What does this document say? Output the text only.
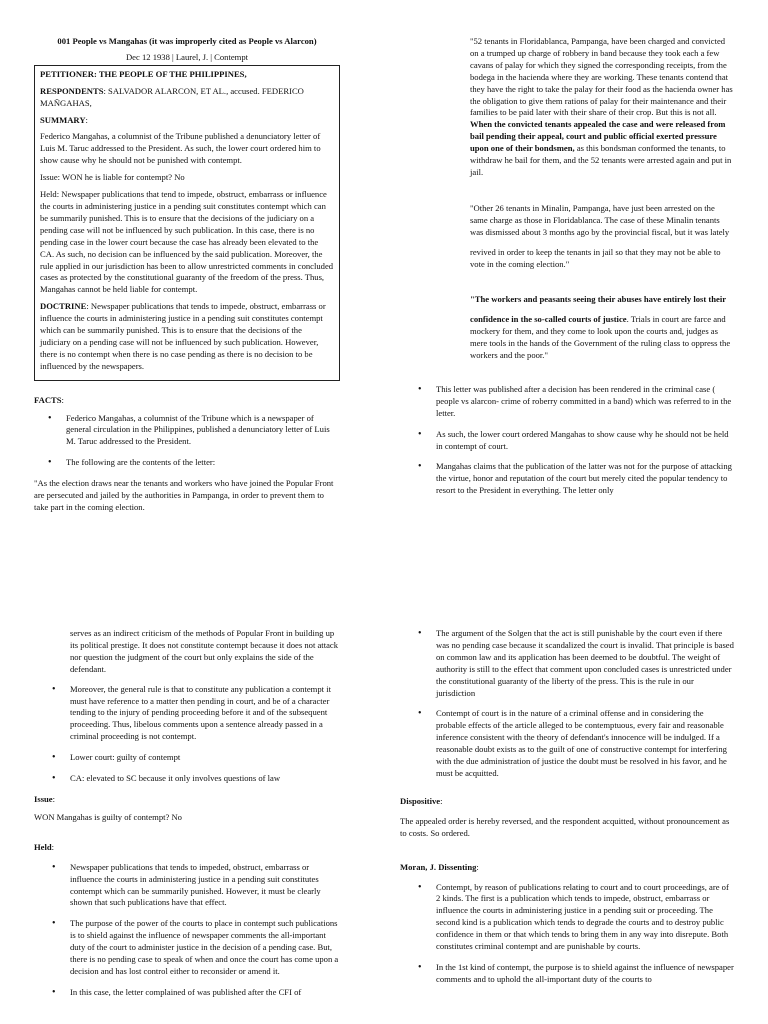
001 People vs Mangahas (it was improperly cited as People vs Alarcon)
Dec 12 1938 | Laurel, J. | Contempt

PETITIONER: THE PEOPLE OF THE PHILIPPINES,

RESPONDENTS: SALVADOR ALARCON, ET AL., accused. FEDERICO MAÑGAHAS,

SUMMARY:

Federico Mangahas, a columnist of the Tribune published a denunciatory letter of Luis M. Taruc addressed to the President. As such, the lower court ordered him to show cause why he should not be punished with contempt.

Issue: WON he is liable for contempt? No

Held: Newspaper publications that tend to impede, obstruct, embarrass or influence the courts in administering justice in a pending suit constitutes contempt which can be summarily punished. This is to ensure that the decisions of the judiciary on a pending case will not be influenced by such publication. In this case, there is no pending case in the lower court because the case has already been elevated to the CA. As such, no decision can be influenced by the said publication. Moreover, the rule applied in our jurisdiction has been to allow unrestricted comments in concluded cases as protected by the constitutional guaranty of the freedom of the press. Thus, Mangahas cannot be held liable for contempt.

DOCTRINE: Newspaper publications that tends to impede, obstruct, embarrass or influence the courts in administering justice in a pending suit constitutes contempt which can be summarily punished. This is to ensure that the decisions of the judiciary on a pending case will not be influenced by such publication. However, there is no contempt when there is no case pending as there is no decision to be influenced by the newspapers.

FACTS:
• Federico Mangahas, a columnist of the Tribune which is a newspaper of general circulation in the Philippines, published a denunciatory letter of Luis M. Taruc addressed to the President.
• The following are the contents of the letter:

"As the election draws near the tenants and workers who have joined the Popular Front are persecuted and jailed by the authorities in Pampanga, in order to prevent them to take part in the coming election.

"52 tenants in Floridablanca, Pampanga, have been charged and convicted on a trumped up charge of robbery in band because they took each a few cavans of palay for which they signed the corresponding receipts, from the bodega in the hacienda where they are working. These tenants contend that they have the right to take the palay for their food as the hacienda owner has the obligation to give them rations of palay for their maintenance and their families to be paid later with their share of their crop. But this is not all. When the convicted tenants appealed the case and were released from bail pending their appeal, court and public official exerted pressure upon one of their bondsmen, as this bondsman conformed the tenants, to withdraw he bail for them, and the 52 tenants were arrested again and put in jail.

"Other 26 tenants in Minalin, Pampanga, have just been arrested on the same charge as those in Floridablanca. The case of these Minalin tenants was dismissed about 3 months ago by the provincial fiscal, but it was lately

revived in order to keep the tenants in jail so that they may not be able to vote in the coming election."

"The workers and peasants seeing their abuses have entirely lost their

confidence in the so-called courts of justice. Trials in court are farce and mockery for them, and they come to look upon the courts and, judges as mere tools in the hands of the Government of the ruling class to oppress the workers and the poor."

• This letter was published after a decision has been rendered in the criminal case ( people vs alarcon- crime of roberry committed in a band) which was referred to in the letter.
• As such, the lower court ordered Mangahas to show cause why he should not be held in contempt of court.
• Mangahas claims that the publication of the latter was not for the purpose of attacking the virtue, honor and reputation of the court but merely cited the popular tendency to resort to the President in everything. The letter only

serves as an indirect criticism of the methods of Popular Front in building up its political prestige. It does not constitute contempt because it does not attack nor question the judgment of the court but only explains the side of the defendant.

• Moreover, the general rule is that to constitute any publication a contempt it must have reference to a matter then pending in court, and be of a character tending to the injury of pending proceeding before it and of the subsequent proceeding. Thus, libelous comments upon a sentence already passed in a criminal proceeding is not contempt.
• Lower court: guilty of contempt
• CA: elevated to SC because it only involves questions of law
Issue:

WON Mangahas is guilty of contempt? No

Held:
• Newspaper publications that tends to impeded, obstruct, embarrass or influence the courts in administering justice in a pending suit constitutes contempt which can be summarily punished. However, it must be clearly shown that such publications have that effect.
• The purpose of the power of the courts to place in contempt such publications is to shield against the influence of newspaper comments the all-important duty of the court to administer justice in the decision of a pending case. But, there is no pending case to speak of when and once the court has come upon a decision and has lost control either to reconsider or amend it.
• In this case, the letter complained of was published after the CFI of
• The argument of the Solgen that the act is still punishable by the court even if there was no pending case because it scandalized the court is invalid. That principle is based on common law and its application has been deemed to be doubtful. The weight of authority is still to the effect that comment upon concluded cases is unrestricted under the constitutional guaranty of the liberty of the press. This is the rule in our jurisdiction
• Contempt of court is in the nature of a criminal offense and in considering the probable effects of the article alleged to be contemptuous, every fair and reasonable inference consistent with the theory of defendant's innocence will be indulged. If a reasonable doubt exists as to the guilt of one of constructive contempt for interfering with the due administration of justice the doubt must be resolved in his favor, and he must be acquitted.
Dispositive:

The appealed order is hereby reversed, and the respondent acquitted, without pronouncement as to costs. So ordered.

Moran, J. Dissenting:
• Contempt, by reason of publications relating to court and to court proceedings, are of 2 kinds. The first is a publication which tends to impede, obstruct, embarrass or influence the courts in administering justice in a pending suit or proceeding. The second kind is a publication which tends to degrade the courts and to destroy public confidence in them or that which tends to bring them in any way into disrepute. Both constitutes criminal contempt and are punishable by courts.
• In the 1st kind of contempt, the purpose is to shield against the influence of newspaper comments and to uphold the all-important duty of the courts to
